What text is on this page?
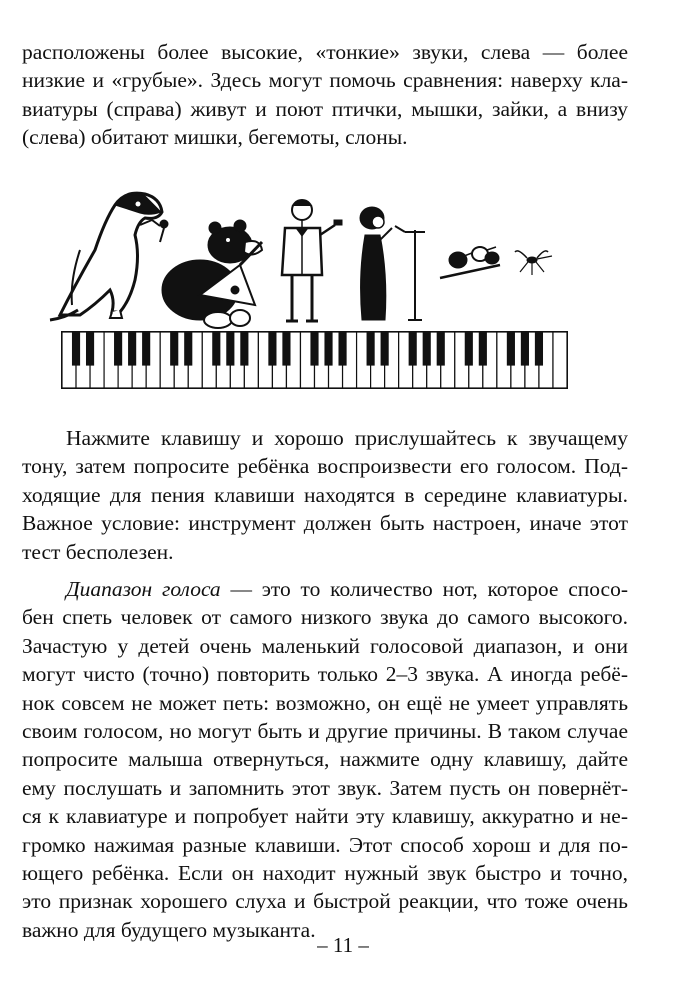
расположены более высокие, «тонкие» звуки, слева — более
низкие и «грубые». Здесь могут помочь сравнения: наверху кла-
виатуры (справа) живут и поют птички, мышки, зайки, а внизу
(слева) обитают мишки, бегемоты, слоны.

Нажмите клавишу и хорошо прислушайтесь к звучащему
тону, затем попросите ребёнка воспроизвести его голосом. Под-
ходящие для пения клавиши находятся в середине клавиатуры.
Важное условие: инструмент должен быть настроен, иначе этот
тест бесполезен.

Диапазон голоса — это то количество нот, которое спосо-
бен спеть человек от самого низкого звука до самого высокого.
Зачастую у детей очень маленький голосовой диапазон, и они
могут чисто (точно) повторить только 2–3 звука. А иногда ребё-
нок совсем не может петь: возможно, он ещё не умеет управлять
своим голосом, но могут быть и другие причины. В таком случае
попросите малыша отвернуться, нажмите одну клавишу, дайте
ему послушать и запомнить этот звук. Затем пусть он повернёт-
ся к клавиатуре и попробует найти эту клавишу, аккуратно и не-
громко нажимая разные клавиши. Этот способ хорош и для по-
ющего ребёнка. Если он находит нужный звук быстро и точно,
это признак хорошего слуха и быстрой реакции, что тоже очень
важно для будущего музыканта.

– 11 –
